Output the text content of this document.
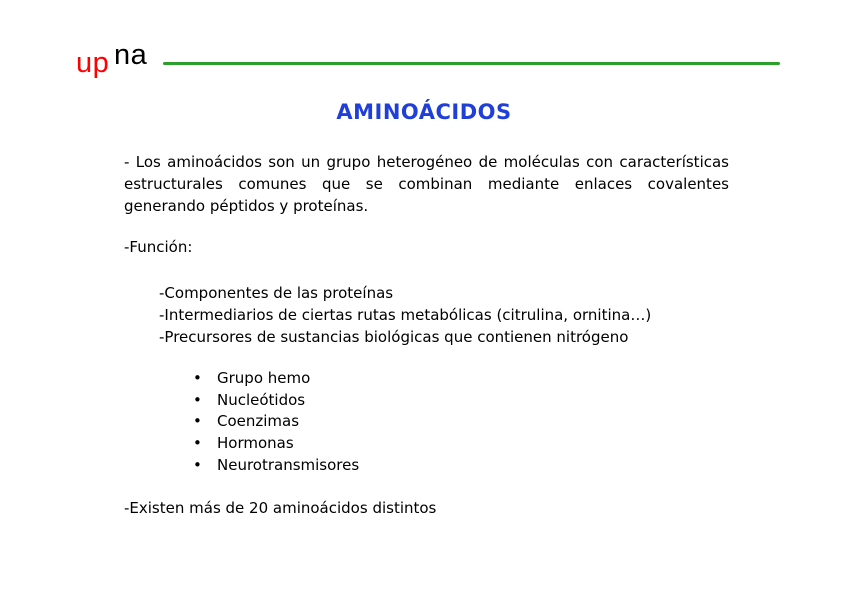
up na
AMINOÁCIDOS

- Los aminoácidos son un grupo heterogéneo de moléculas con características estructurales comunes que se combinan mediante enlaces covalentes generando péptidos y proteínas.

-Función:

-Componentes de las proteínas
-Intermediarios de ciertas rutas metabólicas (citrulina, ornitina…)
-Precursores de sustancias biológicas que contienen nitrógeno
•	Grupo hemo
•	Nucleótidos
•	Coenzimas
•	Hormonas
•	Neurotransmisores

-Existen más de 20 aminoácidos distintos
